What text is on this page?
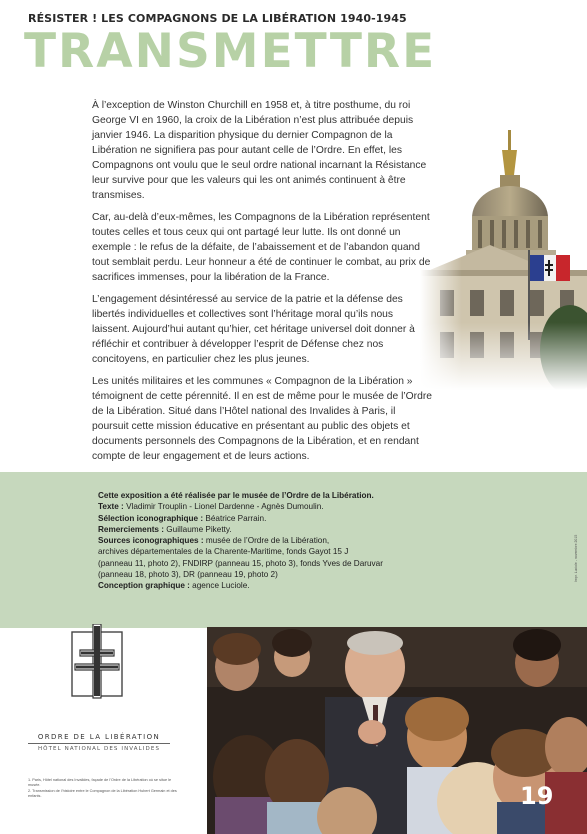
RÉSISTER ! LES COMPAGNONS DE LA LIBÉRATION 1940-1945
TRANSMETTRE

À l’exception de Winston Churchill en 1958 et, à titre posthume, du roi George VI en 1960, la croix de la Libération n’est plus attribuée depuis janvier 1946. La disparition physique du dernier Compagnon de la Libération ne signifiera pas pour autant celle de l’Ordre. En effet, les Compagnons ont voulu que le seul ordre national incarnant la Résistance leur survive pour que les valeurs qui les ont animés continuent à être transmises.

Car, au-delà d’eux-mêmes, les Compagnons de la Libération représentent toutes celles et tous ceux qui ont partagé leur lutte. Ils ont donné un exemple : le refus de la défaite, de l’abaissement et de l’abandon quand tout semblait perdu. Leur honneur a été de continuer le combat, au prix de sacrifices immenses, pour la libération de la France.

L’engagement désintéressé au service de la patrie et la défense des libertés individuelles et collectives sont l’héritage moral qu’ils nous laissent. Aujourd’hui autant qu’hier, cet héritage universel doit donner à réfléchir et contribuer à développer l’esprit de Défense chez nos concitoyens, en particulier chez les plus jeunes.

Les unités militaires et les communes « Compagnon de la Libération » témoignent de cette pérennité. Il en est de même pour le musée de l’Ordre de la Libération. Situé dans l’Hôtel national des Invalides à Paris, il poursuit cette mission éducative en présentant au public des objets et documents personnels des Compagnons de la Libération, et en rendant compte de leur engagement et de leurs actions.

Cette exposition a été réalisée par le musée de l’Ordre de la Libération.
Texte : Vladimir Trouplin - Lionel Dardenne - Agnès Dumoulin.
Sélection iconographique : Béatrice Parrain.
Remerciements : Guillaume Piketty.
Sources iconographiques : musée de l’Ordre de la Libération,
archives départementales de la Charente-Maritime, fonds Gayot 15 J
(panneau 11, photo 2), FNDIRP (panneau 15, photo 3), fonds Yves de Daruvar
(panneau 18, photo 3), DR (panneau 19, photo 2)
Conception graphique : agence Luciole.
Impr. Luciole - novembre 2015
ORDRE DE LA LIBÉRATION
HÔTEL NATIONAL DES INVALIDES
1. Paris, Hôtel national des Invalides, façade de l’Ordre de la Libération où se situe le musée.
2. Transmission de l’histoire entre le Compagnon de la Libération Hubert Germain et des enfants.	19
